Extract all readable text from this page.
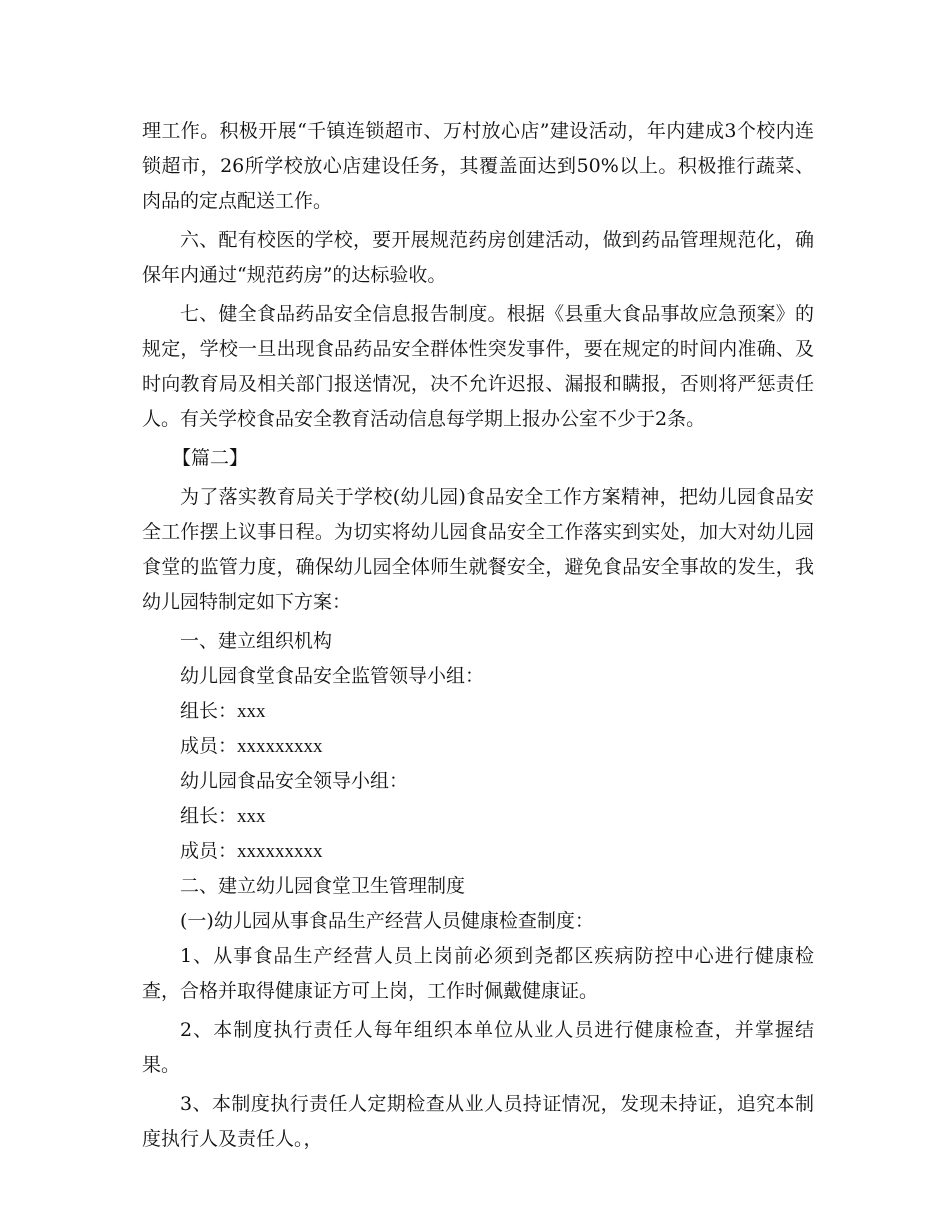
理工作。积极开展“千镇连锁超市、万村放心店”建设活动，年内建成3个校内连锁超市，26所学校放心店建设任务，其覆盖面达到50%以上。积极推行蔬菜、肉品的定点配送工作。

六、配有校医的学校，要开展规范药房创建活动，做到药品管理规范化，确保年内通过“规范药房”的达标验收。

七、健全食品药品安全信息报告制度。根据《县重大食品事故应急预案》的规定，学校一旦出现食品药品安全群体性突发事件，要在规定的时间内准确、及时向教育局及相关部门报送情况，决不允许迟报、漏报和瞒报，否则将严惩责任人。有关学校食品安全教育活动信息每学期上报办公室不少于2条。

【篇二】

为了落实教育局关于学校(幼儿园)食品安全工作方案精神，把幼儿园食品安全工作摆上议事日程。为切实将幼儿园食品安全工作落实到实处，加大对幼儿园食堂的监管力度，确保幼儿园全体师生就餐安全，避免食品安全事故的发生，我幼儿园特制定如下方案：

一、建立组织机构

幼儿园食堂食品安全监管领导小组：

组长：xxx

成员：xxxxxxxxx

幼儿园食品安全领导小组：

组长：xxx

成员：xxxxxxxxx

二、建立幼儿园食堂卫生管理制度

(一)幼儿园从事食品生产经营人员健康检查制度：

1、从事食品生产经营人员上岗前必须到尧都区疾病防控中心进行健康检查，合格并取得健康证方可上岗，工作时佩戴健康证。

2、本制度执行责任人每年组织本单位从业人员进行健康检查，并掌握结果。

3、本制度执行责任人定期检查从业人员持证情况，发现未持证，追究本制度执行人及责任人。，
